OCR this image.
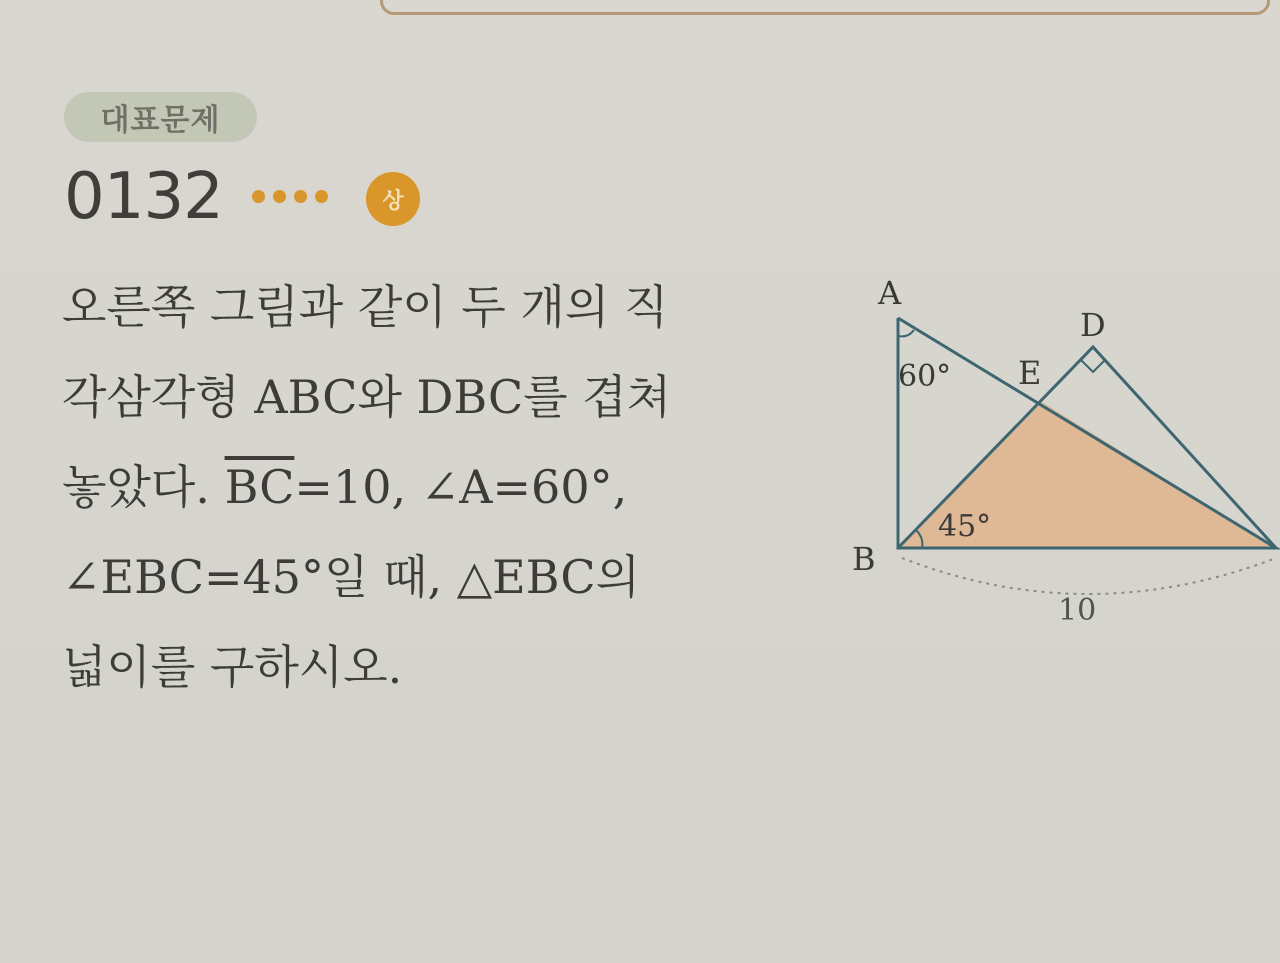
대표문제
0132	상
오른쪽 그림과 같이 두 개의 직
각삼각형 ABC와 DBC를 겹쳐
놓았다. $\overline{BC}=10$, ∠A=60°,
∠EBC=45°일 때, △EBC의
넓이를 구하시오.
A
D
E
B
60°
45°
10
